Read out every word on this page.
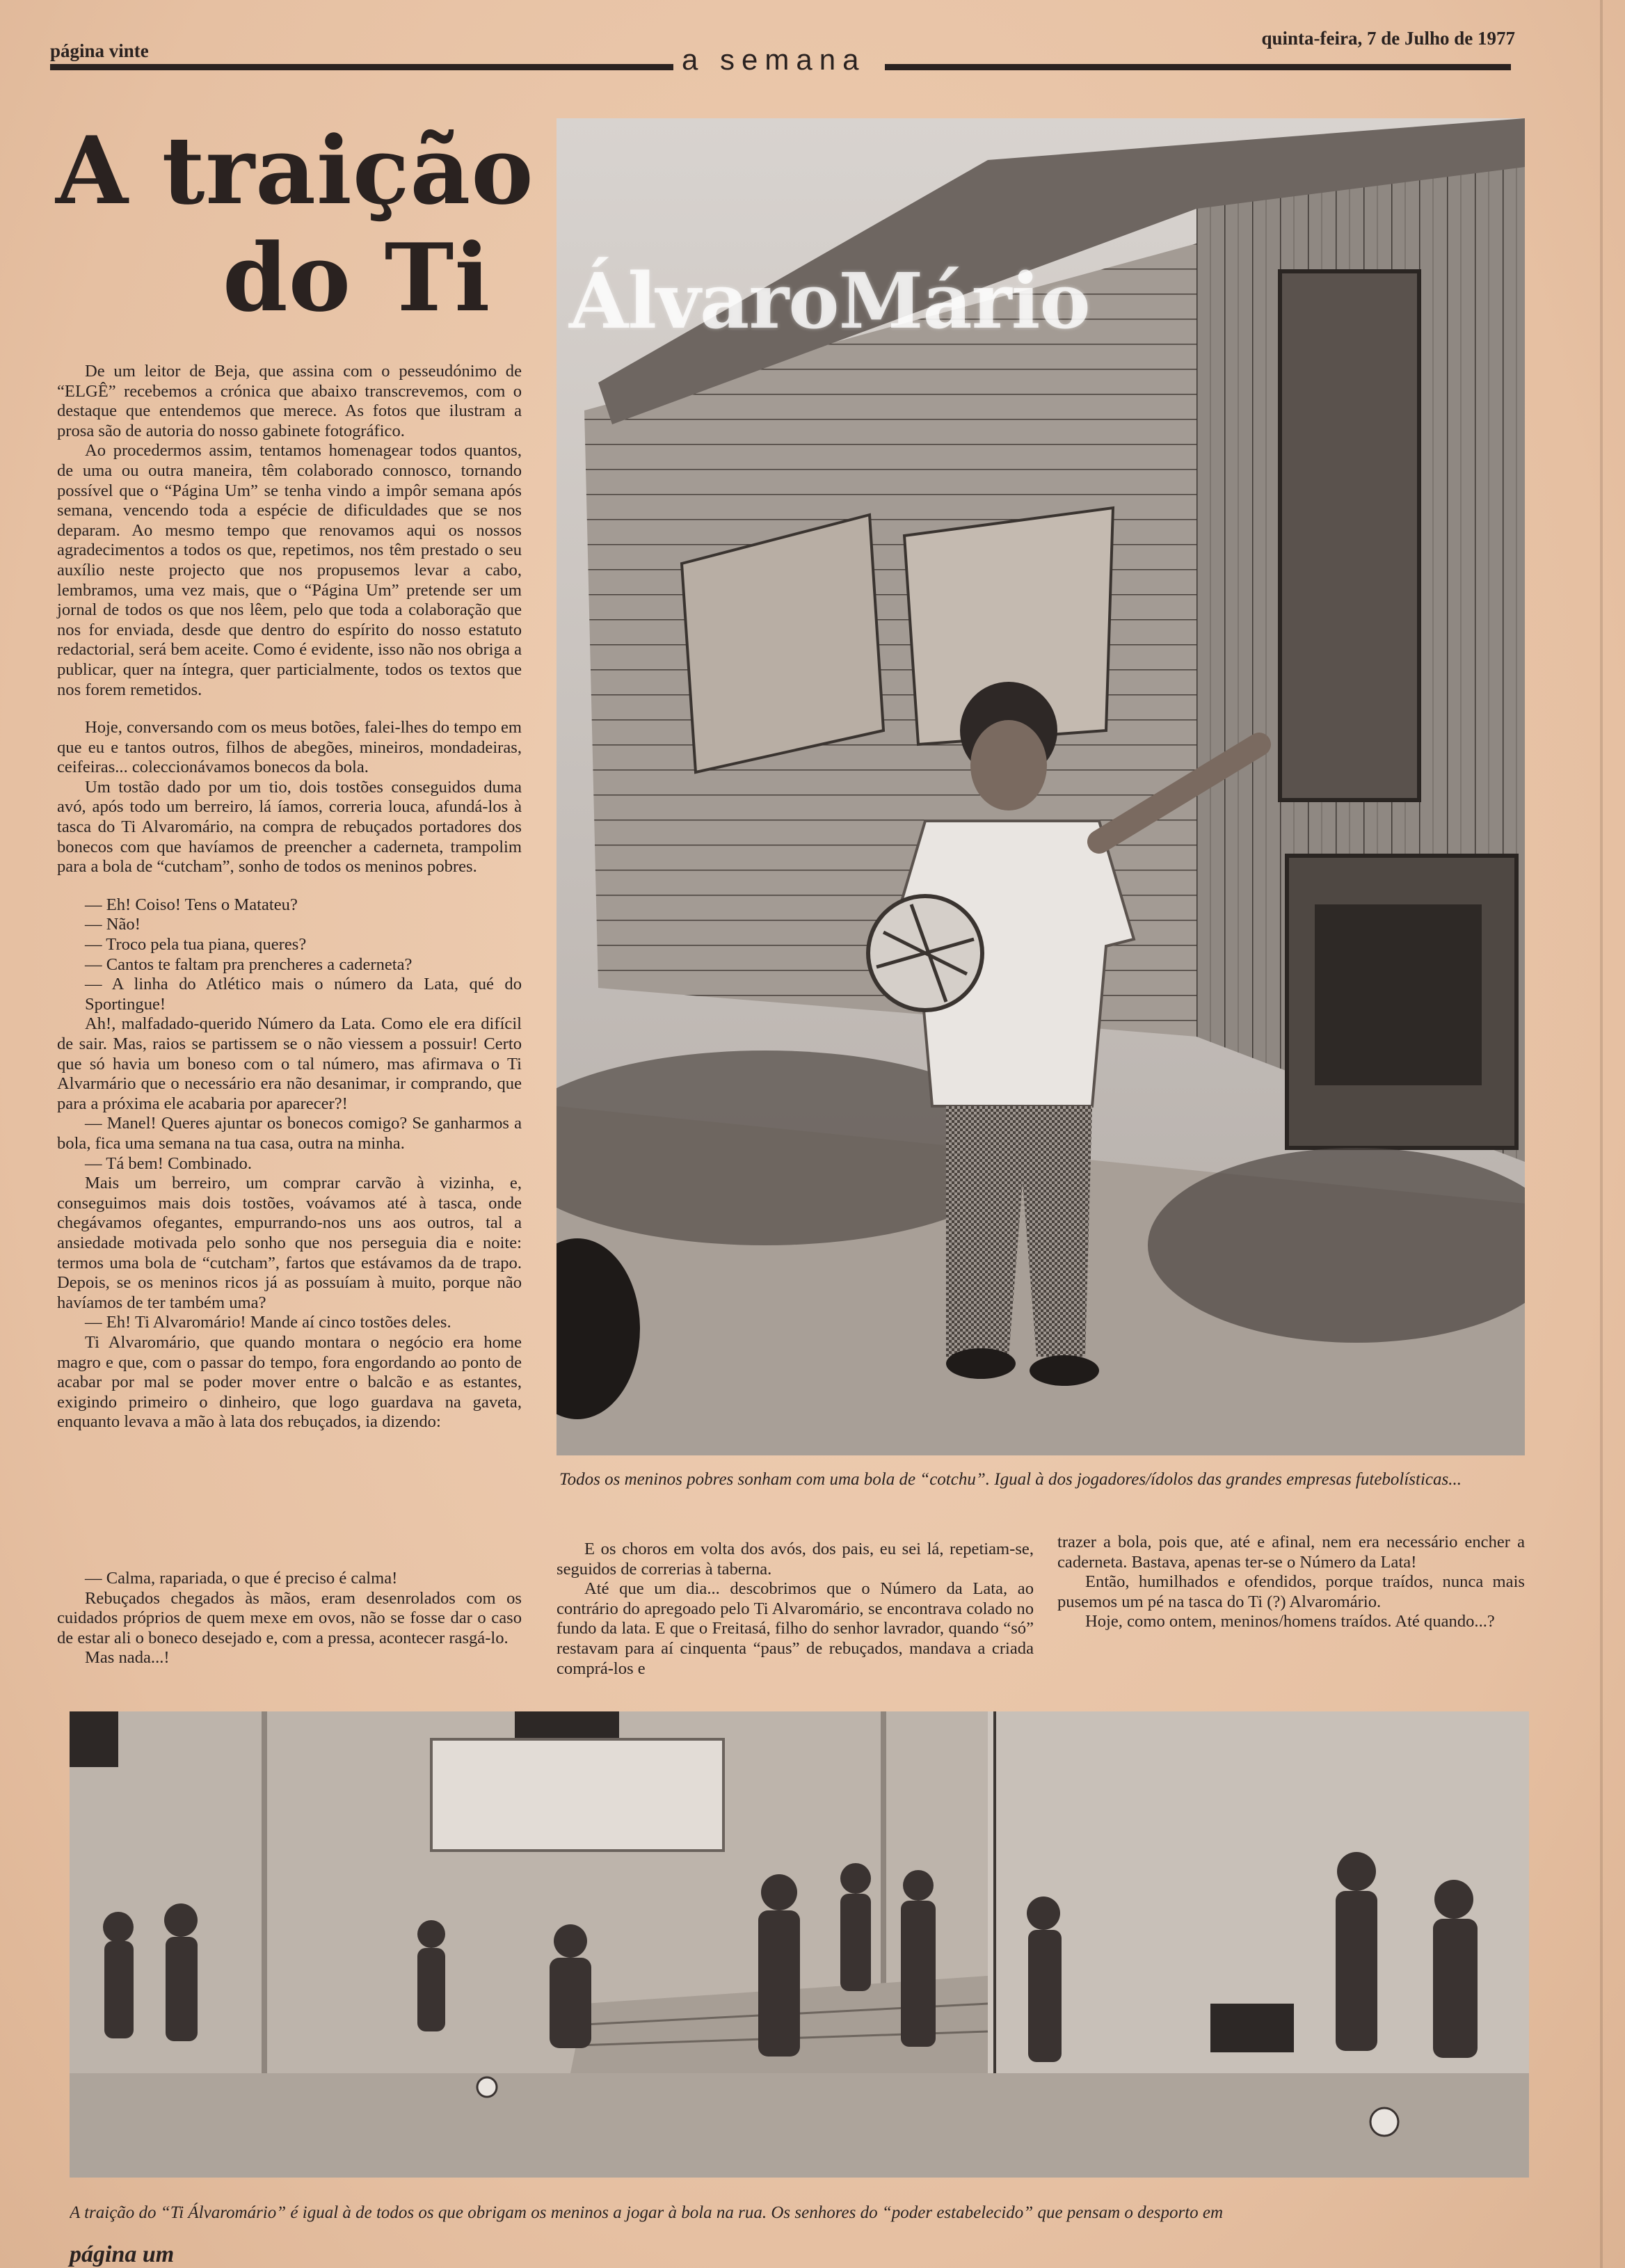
página vinte	a semana
quinta-feira, 7 de Julho de 1977
A traição
do Ti	ÁlvaroMário

De um leitor de Beja, que assina com o pesseudónimo de “ELGÊ” recebemos a crónica que abaixo transcrevemos, com o destaque que entendemos que merece. As fotos que ilustram a prosa são de autoria do nosso gabinete fotográfico.

Ao procedermos assim, tentamos homenagear todos quantos, de uma ou outra maneira, têm colaborado connosco, tornando possível que o “Página Um” se tenha vindo a impôr semana após semana, vencendo toda a espécie de dificuldades que se nos deparam. Ao mesmo tempo que renovamos aqui os nossos agradecimentos a todos os que, repetimos, nos têm prestado o seu auxílio neste projecto que nos propusemos levar a cabo, lembramos, uma vez mais, que o “Página Um” pretende ser um jornal de todos os que nos lêem, pelo que toda a colaboração que nos for enviada, desde que dentro do espírito do nosso estatuto redactorial, será bem aceite. Como é evidente, isso não nos obriga a publicar, quer na íntegra, quer particialmente, todos os textos que nos forem remetidos.

Hoje, conversando com os meus botões, falei-lhes do tempo em que eu e tantos outros, filhos de abegões, mineiros, mondadeiras, ceifeiras... coleccionávamos bonecos da bola.

Um tostão dado por um tio, dois tostões conseguidos duma avó, após todo um berreiro, lá íamos, correria louca, afundá-los à tasca do Ti Alvaromário, na compra de rebuçados portadores dos bonecos com que havíamos de preencher a caderneta, trampolim para a bola de “cutcham”, sonho de todos os meninos pobres.

— Eh! Coiso! Tens o Matateu?

— Não!

— Troco pela tua piana, queres?

— Cantos te faltam pra prencheres a caderneta?

— A linha do Atlético mais o número da Lata, qué do Sportingue!

Ah!, malfadado-querido Número da Lata. Como ele era difícil de sair. Mas, raios se partissem se o não viessem a possuir! Certo que só havia um boneso com o tal número, mas afirmava o Ti Alvarmário que o necessário era não desanimar, ir comprando, que para a próxima ele acabaria por aparecer?!

— Manel! Queres ajuntar os bonecos comigo? Se ganharmos a bola, fica uma semana na tua casa, outra na minha.

— Tá bem! Combinado.

Mais um berreiro, um comprar carvão à vizinha, e, conseguimos mais dois tostões, voávamos até à tasca, onde chegávamos ofegantes, empurrando-nos uns aos outros, tal a ansiedade motivada pelo sonho que nos perseguia dia e noite: termos uma bola de “cutcham”, fartos que estávamos da de trapo. Depois, se os meninos ricos já as possuíam à muito, porque não havíamos de ter também uma?

— Eh! Ti Alvaromário! Mande aí cinco tostões deles.

Ti Alvaromário, que quando montara o negócio era home magro e que, com o passar do tempo, fora engordando ao ponto de acabar por mal se poder mover entre o balcão e as estantes, exigindo primeiro o dinheiro, que logo guardava na gaveta, enquanto levava a mão à lata dos rebuçados, ia dizendo:

— Calma, rapariada, o que é preciso é calma!

Rebuçados chegados às mãos, eram desenrolados com os cuidados próprios de quem mexe em ovos, não se fosse dar o caso de estar ali o boneco desejado e, com a pressa, acontecer rasgá-lo.

Mas nada...!

Todos os meninos pobres sonham com uma bola de “cotchu”. Igual à dos jogadores/ídolos das grandes empresas futebolísticas...

E os choros em volta dos avós, dos pais, eu sei lá, repetiam-se, seguidos de correrias à taberna.

Até que um dia... descobrimos que o Número da Lata, ao contrário do apregoado pelo Ti Alvaromário, se encontrava colado no fundo da lata. E que o Freitasá, filho do senhor lavrador, quando “só” restavam para aí cinquenta “paus” de rebuçados, mandava a criada comprá-los e

trazer a bola, pois que, até e afinal, nem era necessário encher a caderneta. Bastava, apenas ter-se o Número da Lata!

Então, humilhados e ofendidos, porque traídos, nunca mais pusemos um pé na tasca do Ti (?) Alvaromário.

Hoje, como ontem, meninos/homens traídos. Até quando...?

A traição do “Ti Álvaromário” é igual à de todos os que obrigam os meninos a jogar à bola na rua. Os senhores do “poder estabelecido” que pensam o desporto em
página um
